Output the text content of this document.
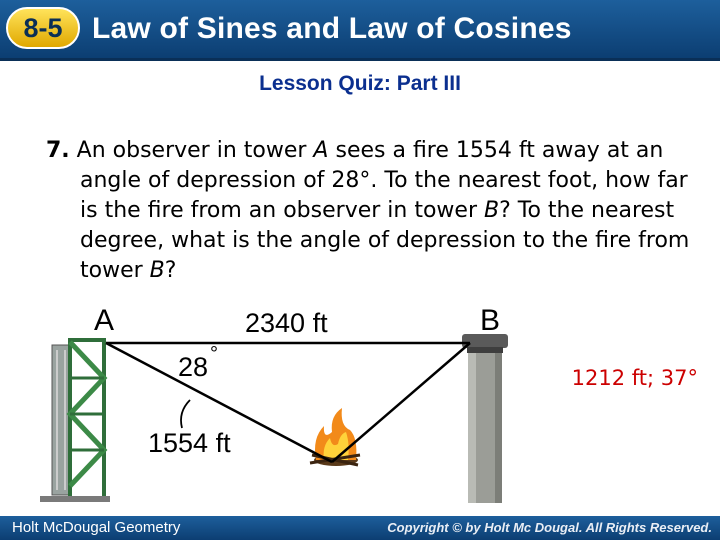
8-5 Law of Sines and Law of Cosines
Lesson Quiz: Part III

7. An observer in tower A sees a fire 1554 ft away at an angle of depression of 28°. To the nearest foot, how far is the fire from an observer in tower B? To the nearest degree, what is the angle of depression to the fire from tower B?

1212 ft; 37°
A	B
2340 ft
28 °
1554 ft
Holt McDougal Geometry	Copyright © by Holt Mc Dougal. All Rights Reserved.
